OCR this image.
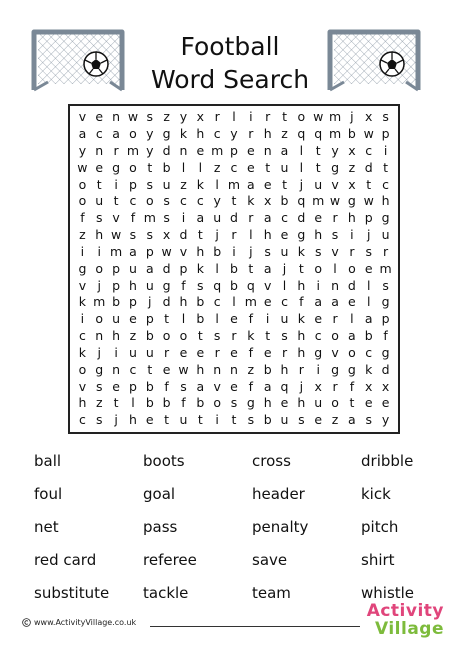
Football
Word Search
v e n w s z y x r	l	i	r t o w m j x s
a c a o y g k h c y r h z q q m b w p
y n r m y d n e m p e n a l	t y x c i
w e g o t b l	l z c e t u l	t g z d t
o t	i p s u z k l m a e t	j u v x t c
o u t c o s c c y t k x b q m w g w h
f s v f m s i a u d r a c d e r h p g
z h w s s x d t	j	r	l h e g h s i	j u
i	i m a p w v h b i	j s u k s v r s r
g o p u a d p k l b t a j	t o l o e m
v j p h u g f s q b q v l h i n d l s
k m b p j d h b c l m e c f a a e l g
i o u e p t	l b l e f	i u k e r	l a p
c n h z b o o t s r k t s h c o a b f
k j	i u u r e e r e f e r h g v o c g
o g n c t e w h n n z b h r	i g g k d
v s e p b f s a v e f a q j x r f x x
h z t	l b b f b o s g h e h u o t e e
c s j h e t u t	i	t s b u s e z a s y
ball	boots	cross	dribble
foul	goal	header	kick
net	pass	penalty	pitch
red card	referee	save	shirt
substitute	tackle	team	whistle
www.ActivityVillage.co.uk
Activity
Village
